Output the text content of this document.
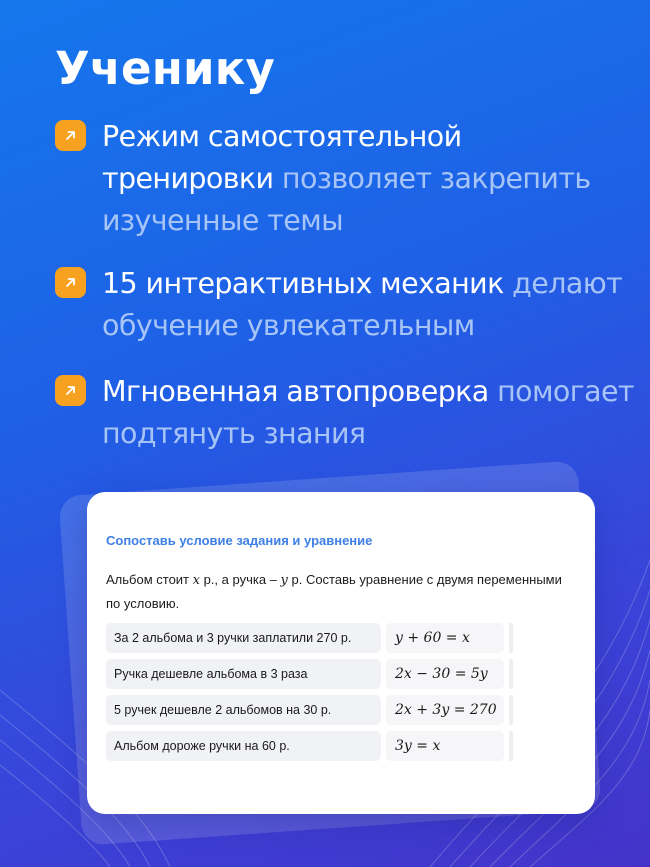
Ученику
Режим самостоятельной тренировки позволяет закрепить изученные темы
15 интерактивных механик делают обучение увлекательным
Мгновенная автопроверка помогает подтянуть знания
Сопоставь условие задания и уравнение
Альбом стоит x р., а ручка – y р. Составь уравнение с двумя переменными
по условию.
За 2 альбома и 3 ручки заплатили 270 р.	y + 60 = x
Ручка дешевле альбома в 3 раза	2x − 30 = 5y
5 ручек дешевле 2 альбомов на 30 р.	2x + 3y = 270
Альбом дороже ручки на 60 р.	3y = x
